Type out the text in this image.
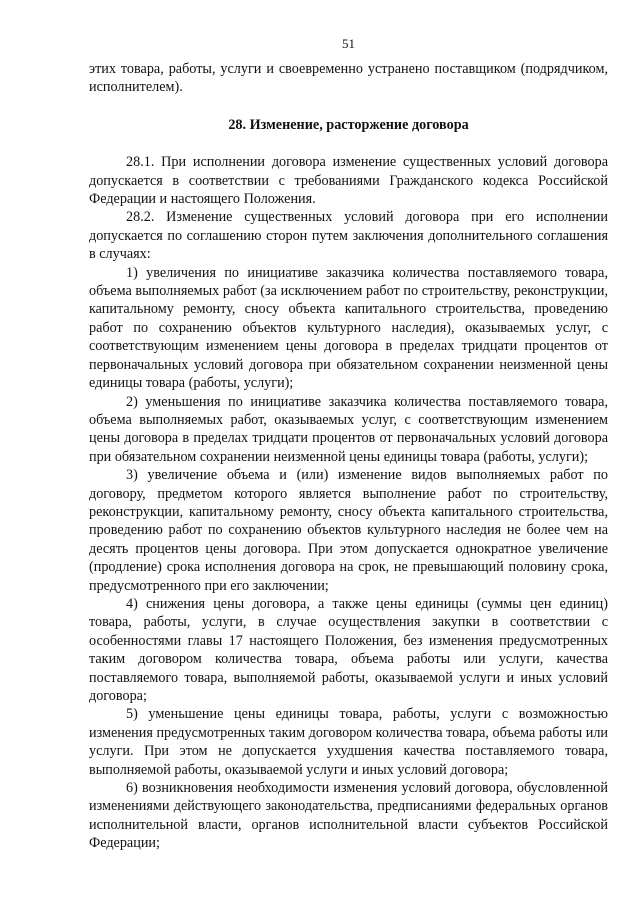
51

этих товара, работы, услуги и своевременно устранено поставщиком (подрядчиком, исполнителем).

28. Изменение, расторжение договора

28.1. При исполнении договора изменение существенных условий договора допускается в соответствии с требованиями Гражданского кодекса Российской Федерации и настоящего Положения.

28.2. Изменение существенных условий договора при его исполнении допускается по соглашению сторон путем заключения дополнительного соглашения в случаях:

1) увеличения по инициативе заказчика количества поставляемого товара, объема выполняемых работ (за исключением работ по строительству, реконструкции, капитальному ремонту, сносу объекта капитального строительства, проведению работ по сохранению объектов культурного наследия), оказываемых услуг, с соответствующим изменением цены договора в пределах тридцати процентов от первоначальных условий договора при обязательном сохранении неизменной цены единицы товара (работы, услуги);

2) уменьшения по инициативе заказчика количества поставляемого товара, объема выполняемых работ, оказываемых услуг, с соответствующим изменением цены договора в пределах тридцати процентов от первоначальных условий договора при обязательном сохранении неизменной цены единицы товара (работы, услуги);

3) увеличение объема и (или) изменение видов выполняемых работ по договору, предметом которого является выполнение работ по строительству, реконструкции, капитальному ремонту, сносу объекта капитального строительства, проведению работ по сохранению объектов культурного наследия не более чем на десять процентов цены договора. При этом допускается однократное увеличение (продление) срока исполнения договора на срок, не превышающий половину срока, предусмотренного при его заключении;

4) снижения цены договора, а также цены единицы (суммы цен единиц) товара, работы, услуги, в случае осуществления закупки в соответствии с особенностями главы 17 настоящего Положения, без изменения предусмотренных таким договором количества товара, объема работы или услуги, качества поставляемого товара, выполняемой работы, оказываемой услуги и иных условий договора;

5) уменьшение цены единицы товара, работы, услуги с возможностью изменения предусмотренных таким договором количества товара, объема работы или услуги. При этом не допускается ухудшения качества поставляемого товара, выполняемой работы, оказываемой услуги и иных условий договора;

6) возникновения необходимости изменения условий договора, обусловленной изменениями действующего законодательства, предписаниями федеральных органов исполнительной власти, органов исполнительной власти субъектов Российской Федерации;
